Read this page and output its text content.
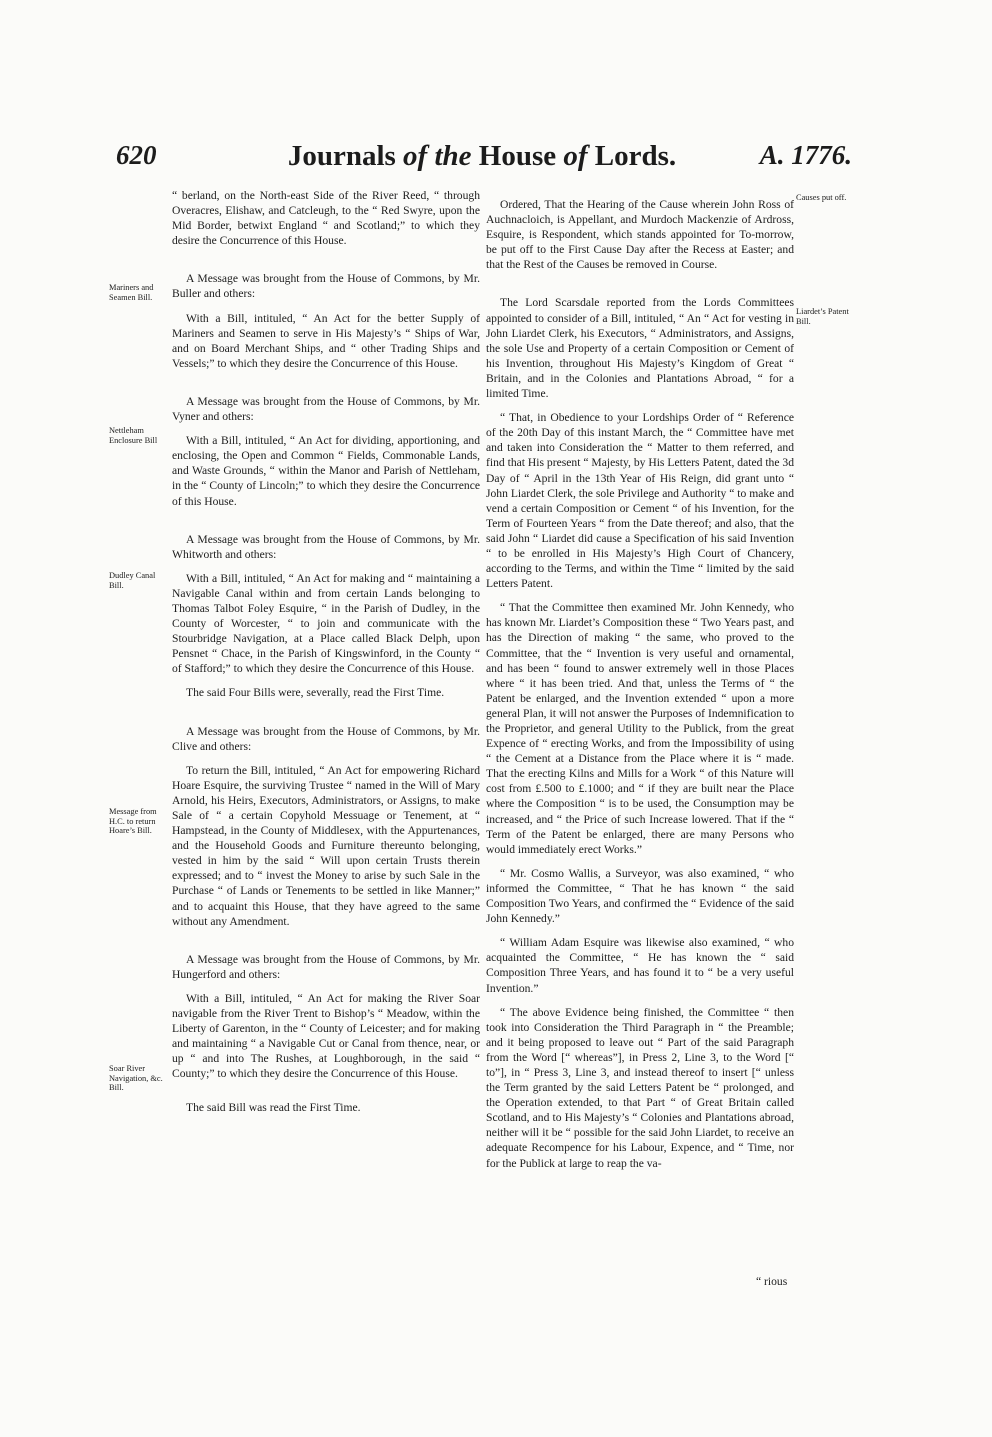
620	Journals of the House of Lords.	A. 1776.
Mariners and Seamen Bill.
Nettleham Enclosure Bill
Dudley Canal Bill.
Message from H.C. to return Hoare’s Bill.
Soar River Navigation, &c. Bill.
Causes put off.
Liardet’s Patent Bill.

“ berland, on the North-east Side of the River Reed, “ through Overacres, Elishaw, and Catcleugh, to the “ Red Swyre, upon the Mid Border, betwixt England “ and Scotland;” to which they desire the Concurrence of this House.

A Message was brought from the House of Commons, by Mr. Buller and others:

With a Bill, intituled, “ An Act for the better Supply of Mariners and Seamen to serve in His Majesty’s “ Ships of War, and on Board Merchant Ships, and “ other Trading Ships and Vessels;” to which they desire the Concurrence of this House.

A Message was brought from the House of Commons, by Mr. Vyner and others:

With a Bill, intituled, “ An Act for dividing, apportioning, and enclosing, the Open and Common “ Fields, Commonable Lands, and Waste Grounds, “ within the Manor and Parish of Nettleham, in the “ County of Lincoln;” to which they desire the Concurrence of this House.

A Message was brought from the House of Commons, by Mr. Whitworth and others:

With a Bill, intituled, “ An Act for making and “ maintaining a Navigable Canal within and from certain Lands belonging to Thomas Talbot Foley Esquire, “ in the Parish of Dudley, in the County of Worcester, “ to join and communicate with the Stourbridge Navigation, at a Place called Black Delph, upon Pensnet “ Chace, in the Parish of Kingswinford, in the County “ of Stafford;” to which they desire the Concurrence of this House.

The said Four Bills were, severally, read the First Time.

A Message was brought from the House of Commons, by Mr. Clive and others:

To return the Bill, intituled, “ An Act for empowering Richard Hoare Esquire, the surviving Trustee “ named in the Will of Mary Arnold, his Heirs, Executors, Administrators, or Assigns, to make Sale of “ a certain Copyhold Messuage or Tenement, at “ Hampstead, in the County of Middlesex, with the Appurtenances, and the Household Goods and Furniture thereunto belonging, vested in him by the said “ Will upon certain Trusts therein expressed; and to “ invest the Money to arise by such Sale in the Purchase “ of Lands or Tenements to be settled in like Manner;” and to acquaint this House, that they have agreed to the same without any Amendment.

A Message was brought from the House of Commons, by Mr. Hungerford and others:

With a Bill, intituled, “ An Act for making the River Soar navigable from the River Trent to Bishop’s “ Meadow, within the Liberty of Garenton, in the “ County of Leicester; and for making and maintaining “ a Navigable Cut or Canal from thence, near, or up “ and into The Rushes, at Loughborough, in the said “ County;” to which they desire the Concurrence of this House.

The said Bill was read the First Time.

Ordered, That the Hearing of the Cause wherein John Ross of Auchnacloich, is Appellant, and Murdoch Mackenzie of Ardross, Esquire, is Respondent, which stands appointed for To-morrow, be put off to the First Cause Day after the Recess at Easter; and that the Rest of the Causes be removed in Course.

The Lord Scarsdale reported from the Lords Committees appointed to consider of a Bill, intituled, “ An “ Act for vesting in John Liardet Clerk, his Executors, “ Administrators, and Assigns, the sole Use and Property of a certain Composition or Cement of his Invention, throughout His Majesty’s Kingdom of Great “ Britain, and in the Colonies and Plantations Abroad, “ for a limited Time.

“ That, in Obedience to your Lordships Order of “ Reference of the 20th Day of this instant March, the “ Committee have met and taken into Consideration the “ Matter to them referred, and find that His present “ Majesty, by His Letters Patent, dated the 3d Day of “ April in the 13th Year of His Reign, did grant unto “ John Liardet Clerk, the sole Privilege and Authority “ to make and vend a certain Composition or Cement “ of his Invention, for the Term of Fourteen Years “ from the Date thereof; and also, that the said John “ Liardet did cause a Specification of his said Invention “ to be enrolled in His Majesty’s High Court of Chancery, according to the Terms, and within the Time “ limited by the said Letters Patent.

“ That the Committee then examined Mr. John Kennedy, who has known Mr. Liardet’s Composition these “ Two Years past, and has the Direction of making “ the same, who proved to the Committee, that the “ Invention is very useful and ornamental, and has been “ found to answer extremely well in those Places where “ it has been tried. And that, unless the Terms of “ the Patent be enlarged, and the Invention extended “ upon a more general Plan, it will not answer the Purposes of Indemnification to the Proprietor, and general Utility to the Publick, from the great Expence of “ erecting Works, and from the Impossibility of using “ the Cement at a Distance from the Place where it is “ made. That the erecting Kilns and Mills for a Work “ of this Nature will cost from £.500 to £.1000; and “ if they are built near the Place where the Composition “ is to be used, the Consumption may be increased, and “ the Price of such Increase lowered. That if the “ Term of the Patent be enlarged, there are many Persons who would immediately erect Works.”

“ Mr. Cosmo Wallis, a Surveyor, was also examined, “ who informed the Committee, “ That he has known “ the said Composition Two Years, and confirmed the “ Evidence of the said John Kennedy.”

“ William Adam Esquire was likewise also examined, “ who acquainted the Committee, “ He has known the “ said Composition Three Years, and has found it to “ be a very useful Invention.”

“ The above Evidence being finished, the Committee “ then took into Consideration the Third Paragraph in “ the Preamble; and it being proposed to leave out “ Part of the said Paragraph from the Word [“ whereas”], in Press 2, Line 3, to the Word [“ to”], in “ Press 3, Line 3, and instead thereof to insert [“ unless the Term granted by the said Letters Patent be “ prolonged, and the Operation extended, to that Part “ of Great Britain called Scotland, and to His Majesty’s “ Colonies and Plantations abroad, neither will it be “ possible for the said John Liardet, to receive an adequate Recompence for his Labour, Expence, and “ Time, nor for the Publick at large to reap the va-

“ rious
